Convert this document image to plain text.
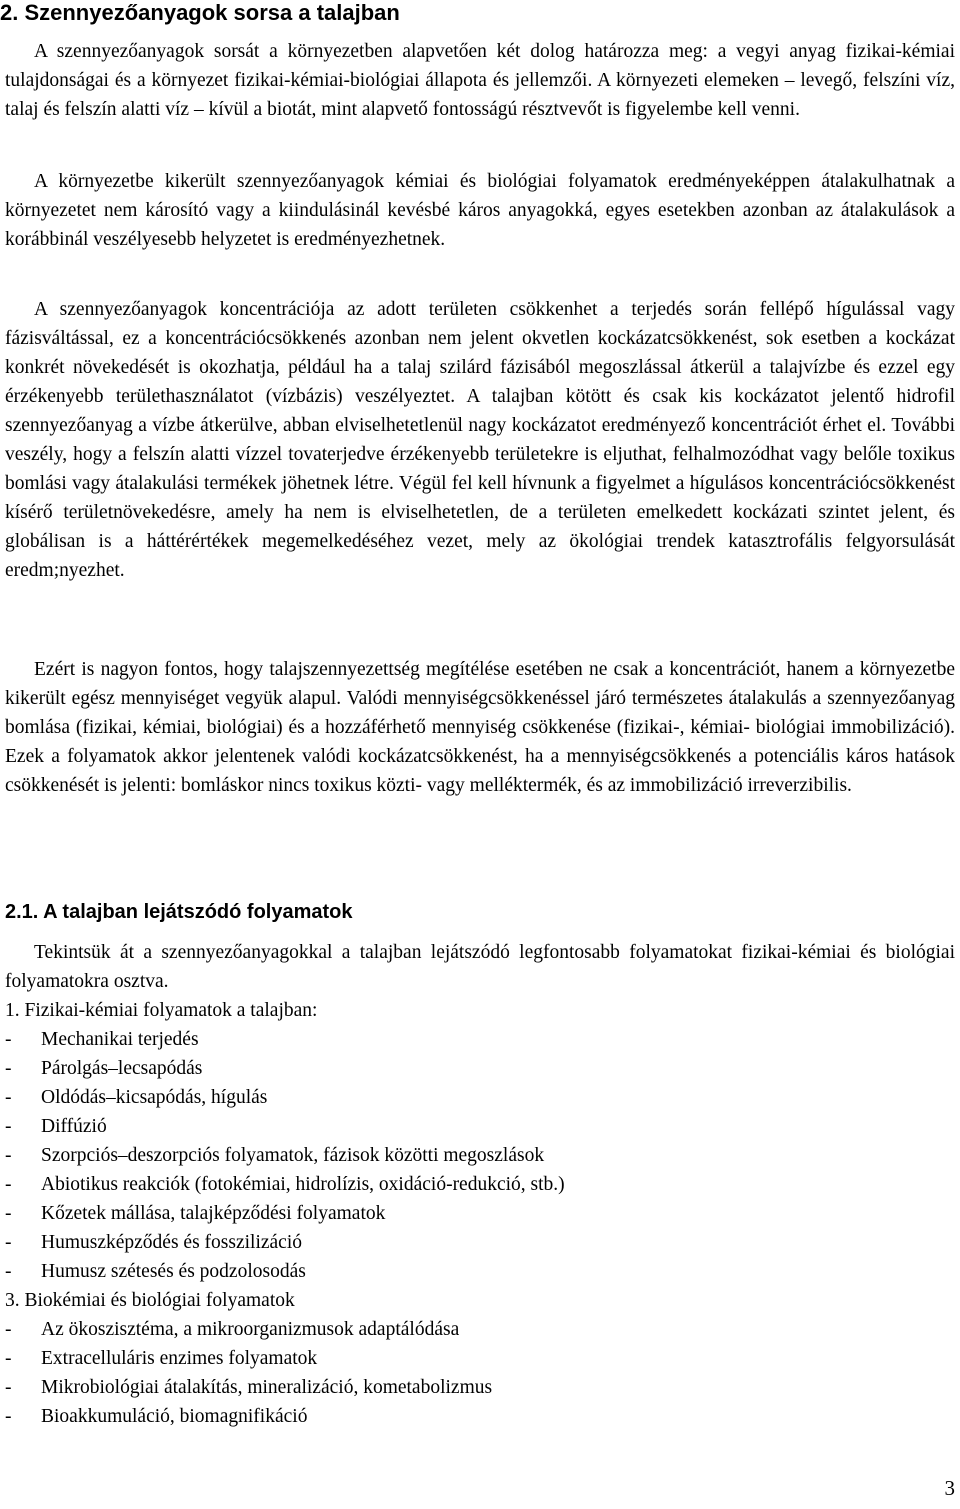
2. Szennyezőanyagok sorsa a talajban

A szennyezőanyagok sorsát a környezetben alapvetően két dolog határozza meg: a vegyi anyag fizikai-kémiai tulajdonságai és a környezet fizikai-kémiai-biológiai állapota és jellemzői. A környezeti elemeken – levegő, felszíni víz, talaj és felszín alatti víz – kívül a biotát, mint alapvető fontosságú résztvevőt is figyelembe kell venni.

A környezetbe kikerült szennyezőanyagok kémiai és biológiai folyamatok eredményeképpen átalakulhatnak a környezetet nem károsító vagy a kiindulásinál kevésbé káros anyagokká, egyes esetekben azonban az átalakulások a korábbinál veszélyesebb helyzetet is eredményezhetnek.

A szennyezőanyagok koncentrációja az adott területen csökkenhet a terjedés során fellépő hígulással vagy fázisváltással, ez a koncentrációcsökkenés azonban nem jelent okvetlen kockázatcsökkenést, sok esetben a kockázat konkrét növekedését is okozhatja, például ha a talaj szilárd fázisából megoszlással átkerül a talajvízbe és ezzel egy érzékenyebb területhasználatot (vízbázis) veszélyeztet. A talajban kötött és csak kis kockázatot jelentő hidrofil szennyezőanyag a vízbe átkerülve, abban elviselhetetlenül nagy kockázatot eredményező koncentrációt érhet el. További veszély, hogy a felszín alatti vízzel tovaterjedve érzékenyebb területekre is eljuthat, felhalmozódhat vagy belőle toxikus bomlási vagy átalakulási termékek jöhetnek létre. Végül fel kell hívnunk a figyelmet a hígulásos koncentrációcsökkenést kísérő területnövekedésre, amely ha nem is elviselhetetlen, de a területen emelkedett kockázati szintet jelent, és globálisan is a háttérértékek megemelkedéséhez vezet, mely az ökológiai trendek katasztrofális felgyorsulását eredm;nyezhet.

Ezért is nagyon fontos, hogy talajszennyezettség megítélése esetében ne csak a koncentrációt, hanem a környezetbe kikerült egész mennyiséget vegyük alapul. Valódi mennyiségcsökkenéssel járó természetes átalakulás a szennyezőanyag bomlása (fizikai, kémiai, biológiai) és a hozzáférhető mennyiség csökkenése (fizikai-, kémiai- biológiai immobilizáció). Ezek a folyamatok akkor jelentenek valódi kockázatcsökkenést, ha a mennyiségcsökkenés a potenciális káros hatások csökkenését is jelenti: bomláskor nincs toxikus közti- vagy melléktermék, és az immobilizáció irreverzibilis.

2.1. A talajban lejátszódó folyamatok

Tekintsük át a szennyezőanyagokkal a talajban lejátszódó legfontosabb folyamatokat fizikai-kémiai és biológiai folyamatokra osztva.

1. Fizikai-kémiai folyamatok a talajban:
- Mechanikai terjedés
- Párolgás–lecsapódás
- Oldódás–kicsapódás, hígulás
- Diffúzió
- Szorpciós–deszorpciós folyamatok, fázisok közötti megoszlások
- Abiotikus reakciók (fotokémiai, hidrolízis, oxidáció-redukció, stb.)
- Kőzetek mállása, talajképződési folyamatok
- Humuszképződés és fosszilizáció
- Humusz szétesés és podzolosodás
3. Biokémiai és biológiai folyamatok
- Az ökoszisztéma, a mikroorganizmusok adaptálódása
- Extracelluláris enzimes folyamatok
- Mikrobiológiai átalakítás, mineralizáció, kometabolizmus
- Bioakkumuláció, biomagnifikáció
3
